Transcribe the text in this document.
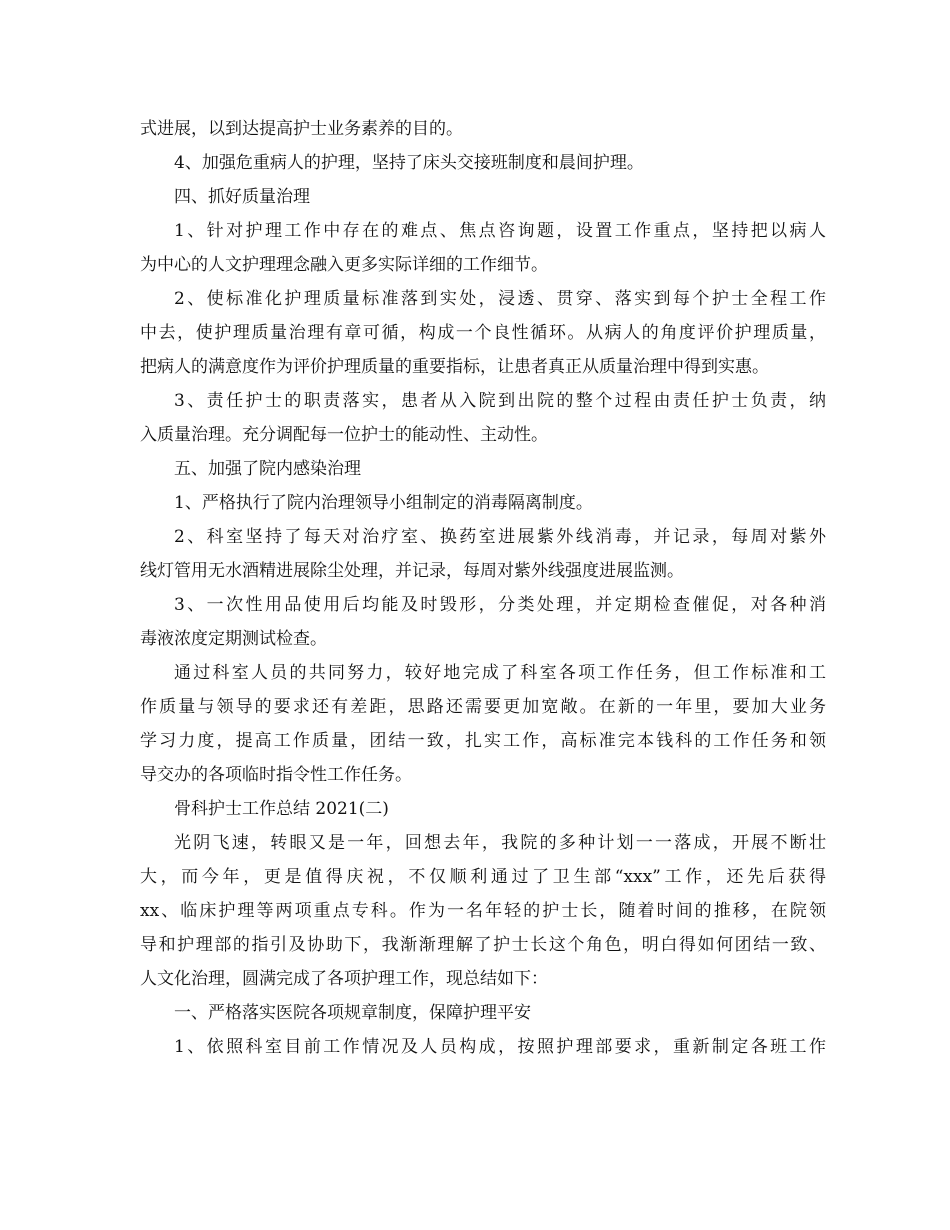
式进展，以到达提高护士业务素养的目的。
4、加强危重病人的护理，坚持了床头交接班制度和晨间护理。
四、抓好质量治理
1、针对护理工作中存在的难点、焦点咨询题，设置工作重点，坚持把以病人
为中心的人文护理理念融入更多实际详细的工作细节。
2、使标准化护理质量标准落到实处，浸透、贯穿、落实到每个护士全程工作
中去，使护理质量治理有章可循，构成一个良性循环。从病人的角度评价护理质量，
把病人的满意度作为评价护理质量的重要指标，让患者真正从质量治理中得到实惠。
3、责任护士的职责落实，患者从入院到出院的整个过程由责任护士负责，纳
入质量治理。充分调配每一位护士的能动性、主动性。
五、加强了院内感染治理
1、严格执行了院内治理领导小组制定的消毒隔离制度。
2、科室坚持了每天对治疗室、换药室进展紫外线消毒，并记录，每周对紫外
线灯管用无水酒精进展除尘处理，并记录，每周对紫外线强度进展监测。
3、一次性用品使用后均能及时毁形，分类处理，并定期检查催促，对各种消
毒液浓度定期测试检查。
通过科室人员的共同努力，较好地完成了科室各项工作任务，但工作标准和工
作质量与领导的要求还有差距，思路还需要更加宽敞。在新的一年里，要加大业务
学习力度，提高工作质量，团结一致，扎实工作，高标准完本钱科的工作任务和领
导交办的各项临时指令性工作任务。
骨科护士工作总结 2021(二)
光阴飞速，转眼又是一年，回想去年，我院的多种计划一一落成，开展不断壮
大，而今年，更是值得庆祝，不仅顺利通过了卫生部“xxx”工作，还先后获得
xx、临床护理等两项重点专科。作为一名年轻的护士长，随着时间的推移，在院领
导和护理部的指引及协助下，我渐渐理解了护士长这个角色，明白得如何团结一致、
人文化治理，圆满完成了各项护理工作，现总结如下：
一、严格落实医院各项规章制度，保障护理平安
1、依照科室目前工作情况及人员构成，按照护理部要求，重新制定各班工作
